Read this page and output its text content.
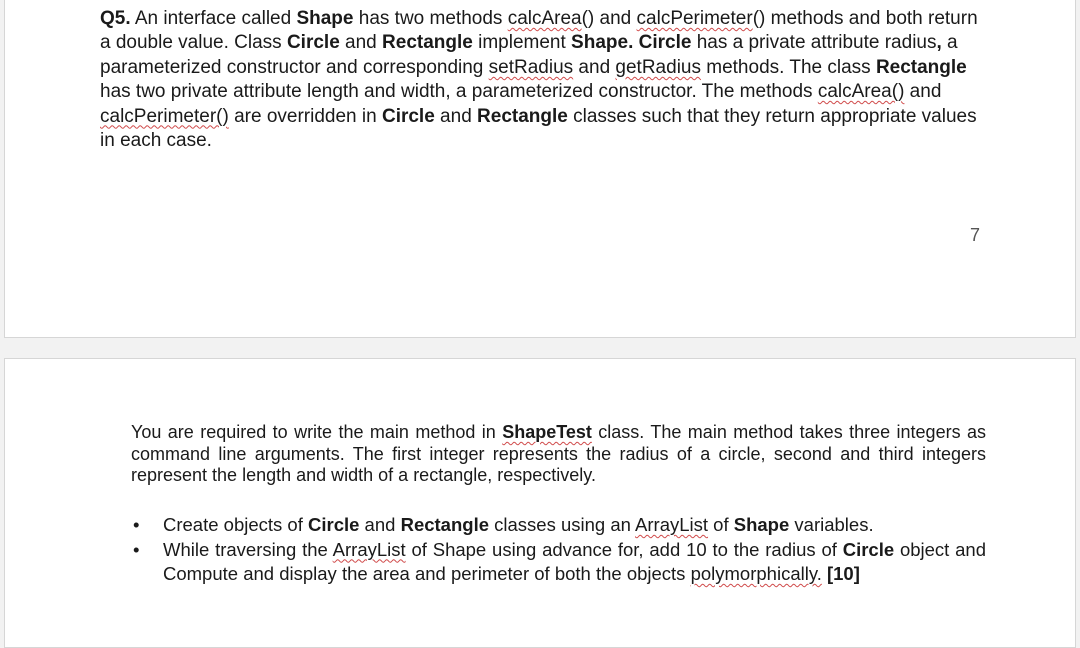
Q5. An interface called Shape has two methods calcArea() and calcPerimeter() methods and both return a double value. Class Circle and Rectangle implement Shape. Circle has a private attribute radius, a parameterized constructor and corresponding setRadius and getRadius methods. The class Rectangle has two private attribute length and width, a parameterized constructor. The methods calcArea() and calcPerimeter() are overridden in Circle and Rectangle classes such that they return appropriate values in each case.

7

You are required to write the main method in ShapeTest class. The main method takes three integers as command line arguments. The first integer represents the radius of a circle, second and third integers represent the length and width of a rectangle, respectively.

• Create objects of Circle and Rectangle classes using an ArrayList of Shape variables.
• While traversing the ArrayList of Shape using advance for, add 10 to the radius of Circle object and Compute and display the area and perimeter of both the objects polymorphically. [10]
